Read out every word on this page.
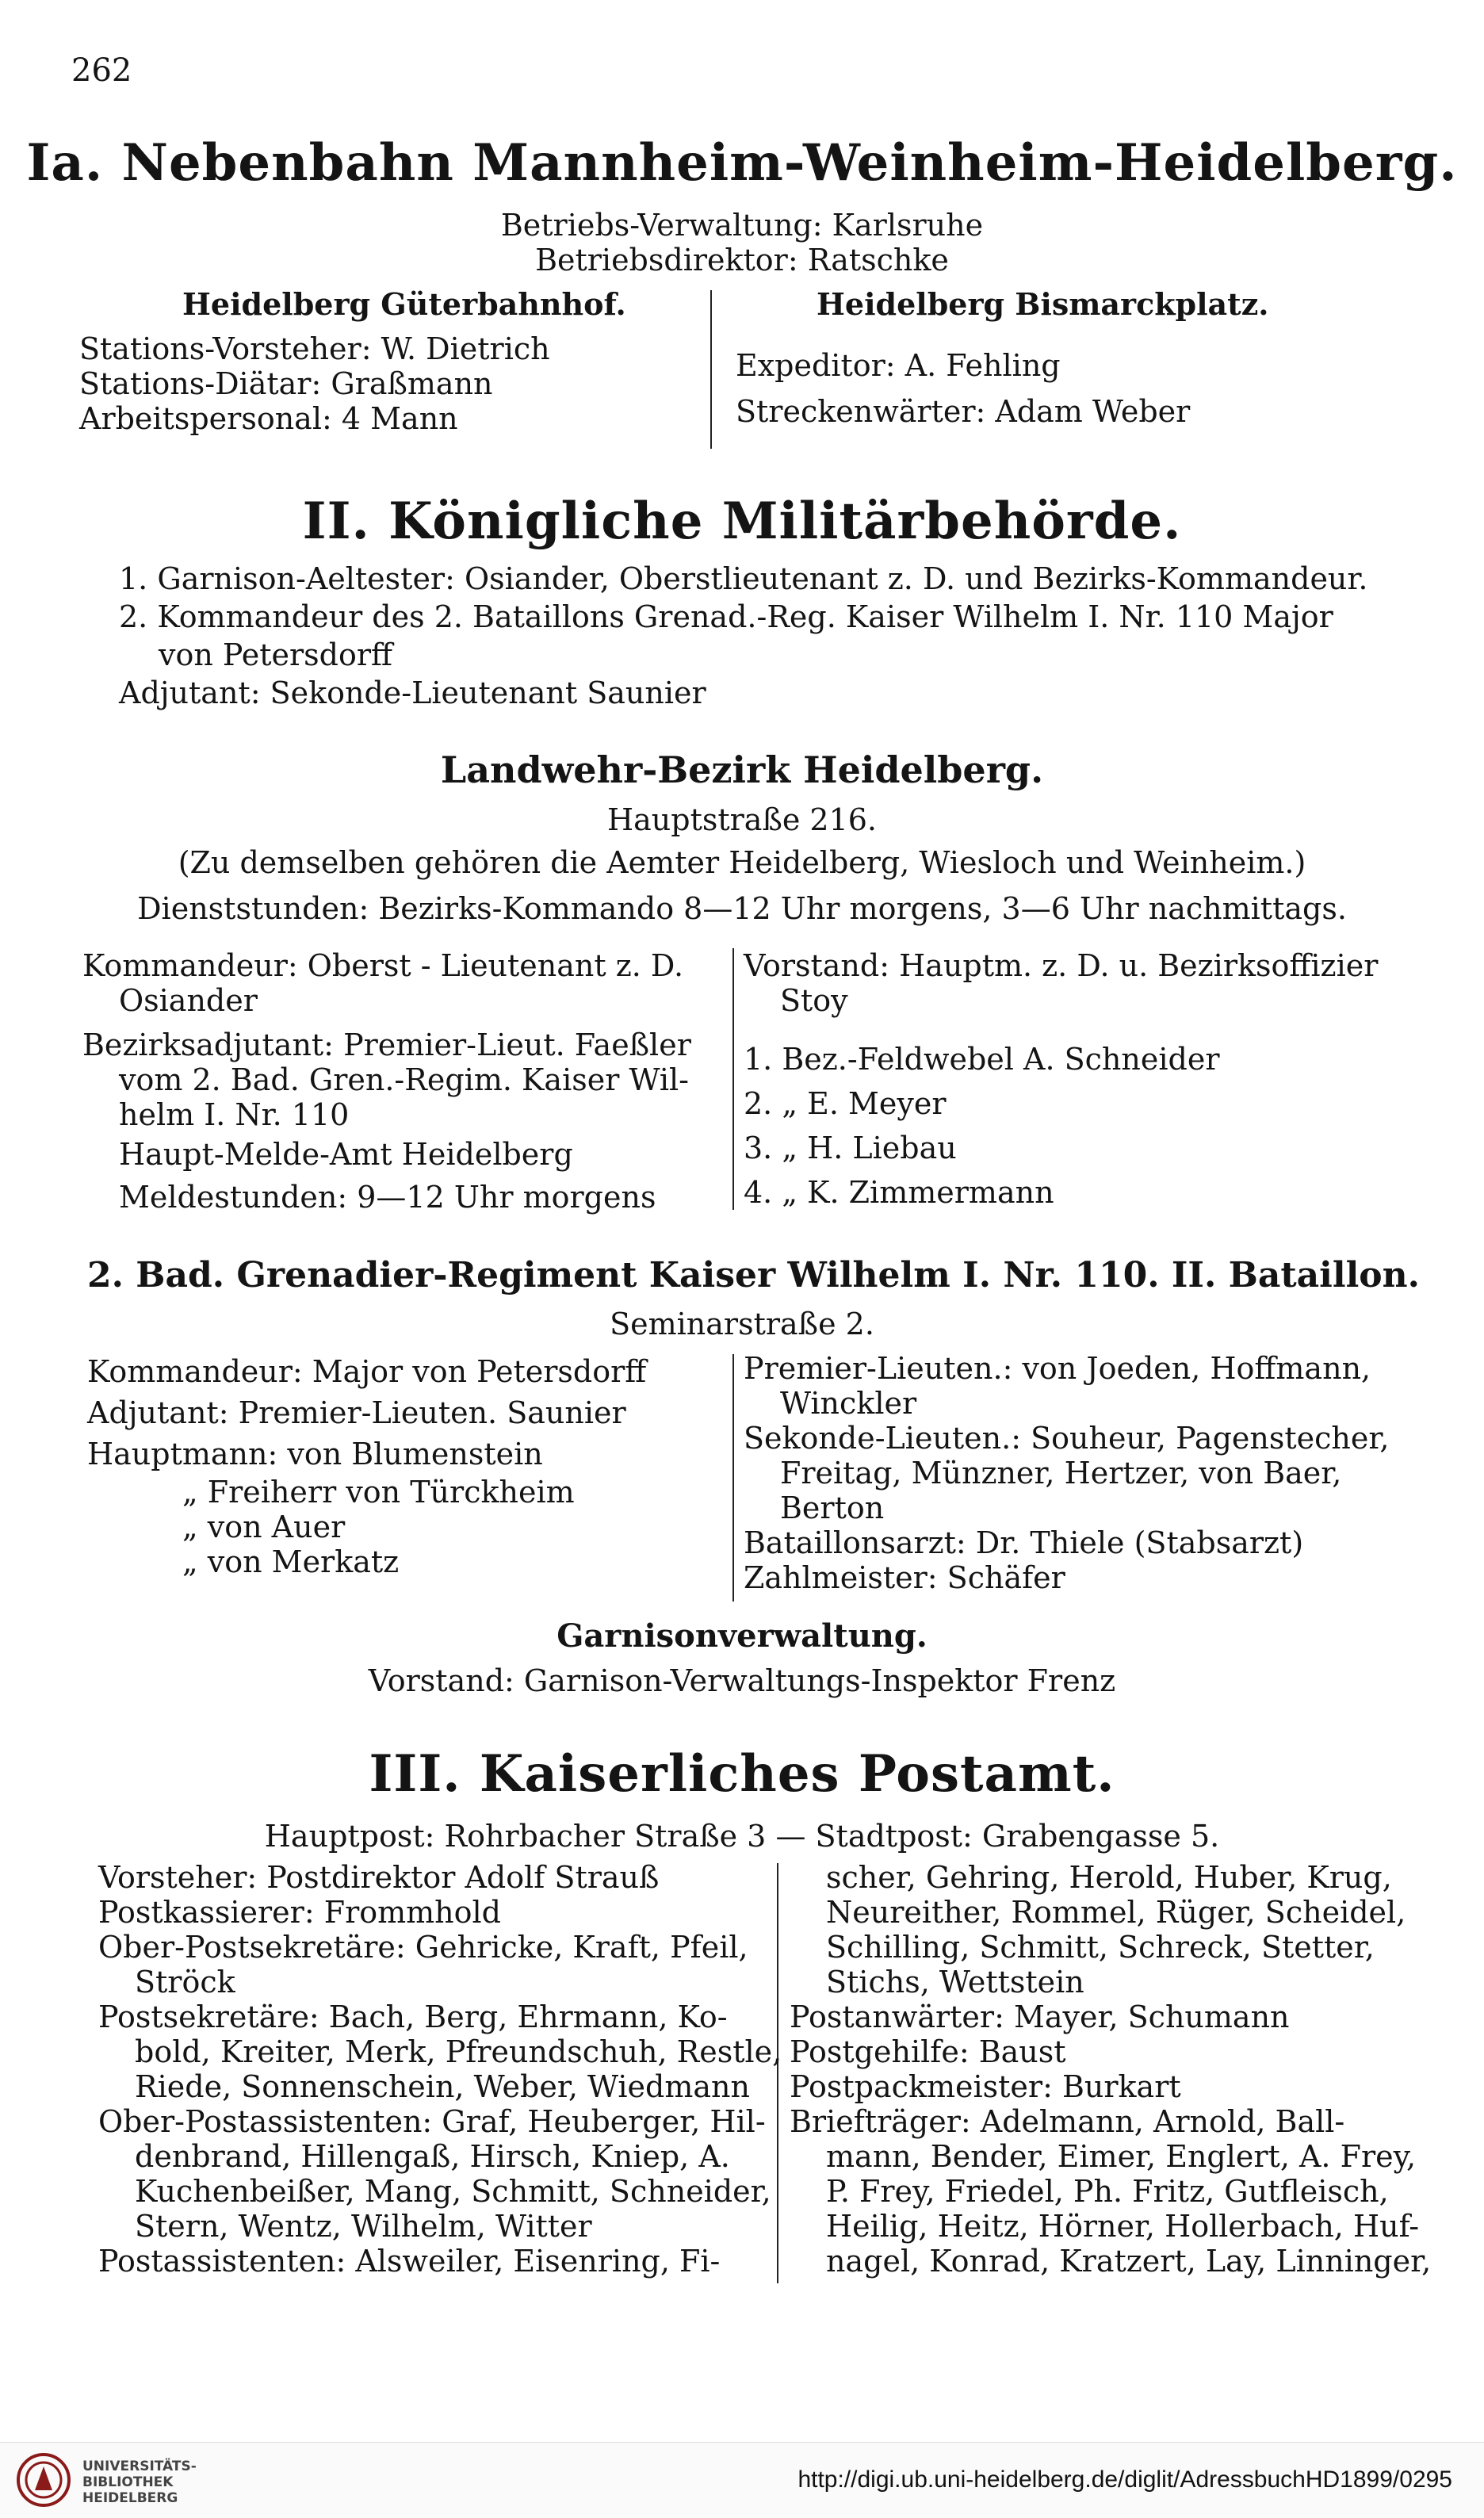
262
Ia. Nebenbahn Mannheim-Weinheim-Heidelberg.
Betriebs-Verwaltung: Karlsruhe
Betriebsdirektor: Ratschke
Heidelberg Güterbahnhof.	Heidelberg Bismarckplatz.
Stations-Vorsteher: W. Dietrich
Stations-Diätar: Graßmann
Arbeitspersonal: 4 Mann
Expeditor: A. Fehling
Streckenwärter: Adam Weber
II. Königliche Militärbehörde.
1. Garnison-Aeltester: Osiander, Oberstlieutenant z. D. und Bezirks-Kommandeur.
2. Kommandeur des 2. Bataillons Grenad.-Reg. Kaiser Wilhelm I. Nr. 110 Major
von Petersdorff
Adjutant: Sekonde-Lieutenant Saunier
Landwehr-Bezirk Heidelberg.
Hauptstraße 216.
(Zu demselben gehören die Aemter Heidelberg, Wiesloch und Weinheim.)
Dienststunden: Bezirks-Kommando 8—12 Uhr morgens, 3—6 Uhr nachmittags.
Kommandeur: Oberst - Lieutenant z. D.
Osiander
Bezirksadjutant: Premier-Lieut. Faeßler
vom 2. Bad. Gren.-Regim. Kaiser Wil-
helm I. Nr. 110
Haupt-Melde-Amt Heidelberg
Meldestunden: 9—12 Uhr morgens
Vorstand: Hauptm. z. D. u. Bezirksoffizier
Stoy
1. Bez.-Feldwebel A. Schneider
2. „ E. Meyer
3. „ H. Liebau
4. „ K. Zimmermann
2. Bad. Grenadier-Regiment Kaiser Wilhelm I. Nr. 110. II. Bataillon.
Seminarstraße 2.
Kommandeur: Major von Petersdorff
Adjutant: Premier-Lieuten. Saunier
Hauptmann: von Blumenstein
„ Freiherr von Türckheim
„ von Auer
„ von Merkatz
Premier-Lieuten.: von Joeden, Hoffmann,
Winckler
Sekonde-Lieuten.: Souheur, Pagenstecher,
Freitag, Münzner, Hertzer, von Baer,
Berton
Bataillonsarzt: Dr. Thiele (Stabsarzt)
Zahlmeister: Schäfer
Garnisonverwaltung.
Vorstand: Garnison-Verwaltungs-Inspektor Frenz
III. Kaiserliches Postamt.
Hauptpost: Rohrbacher Straße 3 — Stadtpost: Grabengasse 5.
Vorsteher: Postdirektor Adolf Strauß
Postkassierer: Frommhold
Ober-Postsekretäre: Gehricke, Kraft, Pfeil,
Ströck
Postsekretäre: Bach, Berg, Ehrmann, Ko-
bold, Kreiter, Merk, Pfreundschuh, Restle,
Riede, Sonnenschein, Weber, Wiedmann
Ober-Postassistenten: Graf, Heuberger, Hil-
denbrand, Hillengaß, Hirsch, Kniep, A.
Kuchenbeißer, Mang, Schmitt, Schneider,
Stern, Wentz, Wilhelm, Witter
Postassistenten: Alsweiler, Eisenring, Fi-
scher, Gehring, Herold, Huber, Krug,
Neureither, Rommel, Rüger, Scheidel,
Schilling, Schmitt, Schreck, Stetter,
Stichs, Wettstein
Postanwärter: Mayer, Schumann
Postgehilfe: Baust
Postpackmeister: Burkart
Briefträger: Adelmann, Arnold, Ball-
mann, Bender, Eimer, Englert, A. Frey,
P. Frey, Friedel, Ph. Fritz, Gutfleisch,
Heilig, Heitz, Hörner, Hollerbach, Huf-
nagel, Konrad, Kratzert, Lay, Linninger,
UNIVERSITÄTS-
BIBLIOTHEK
HEIDELBERG
http://digi.ub.uni-heidelberg.de/diglit/AdressbuchHD1899/0295
